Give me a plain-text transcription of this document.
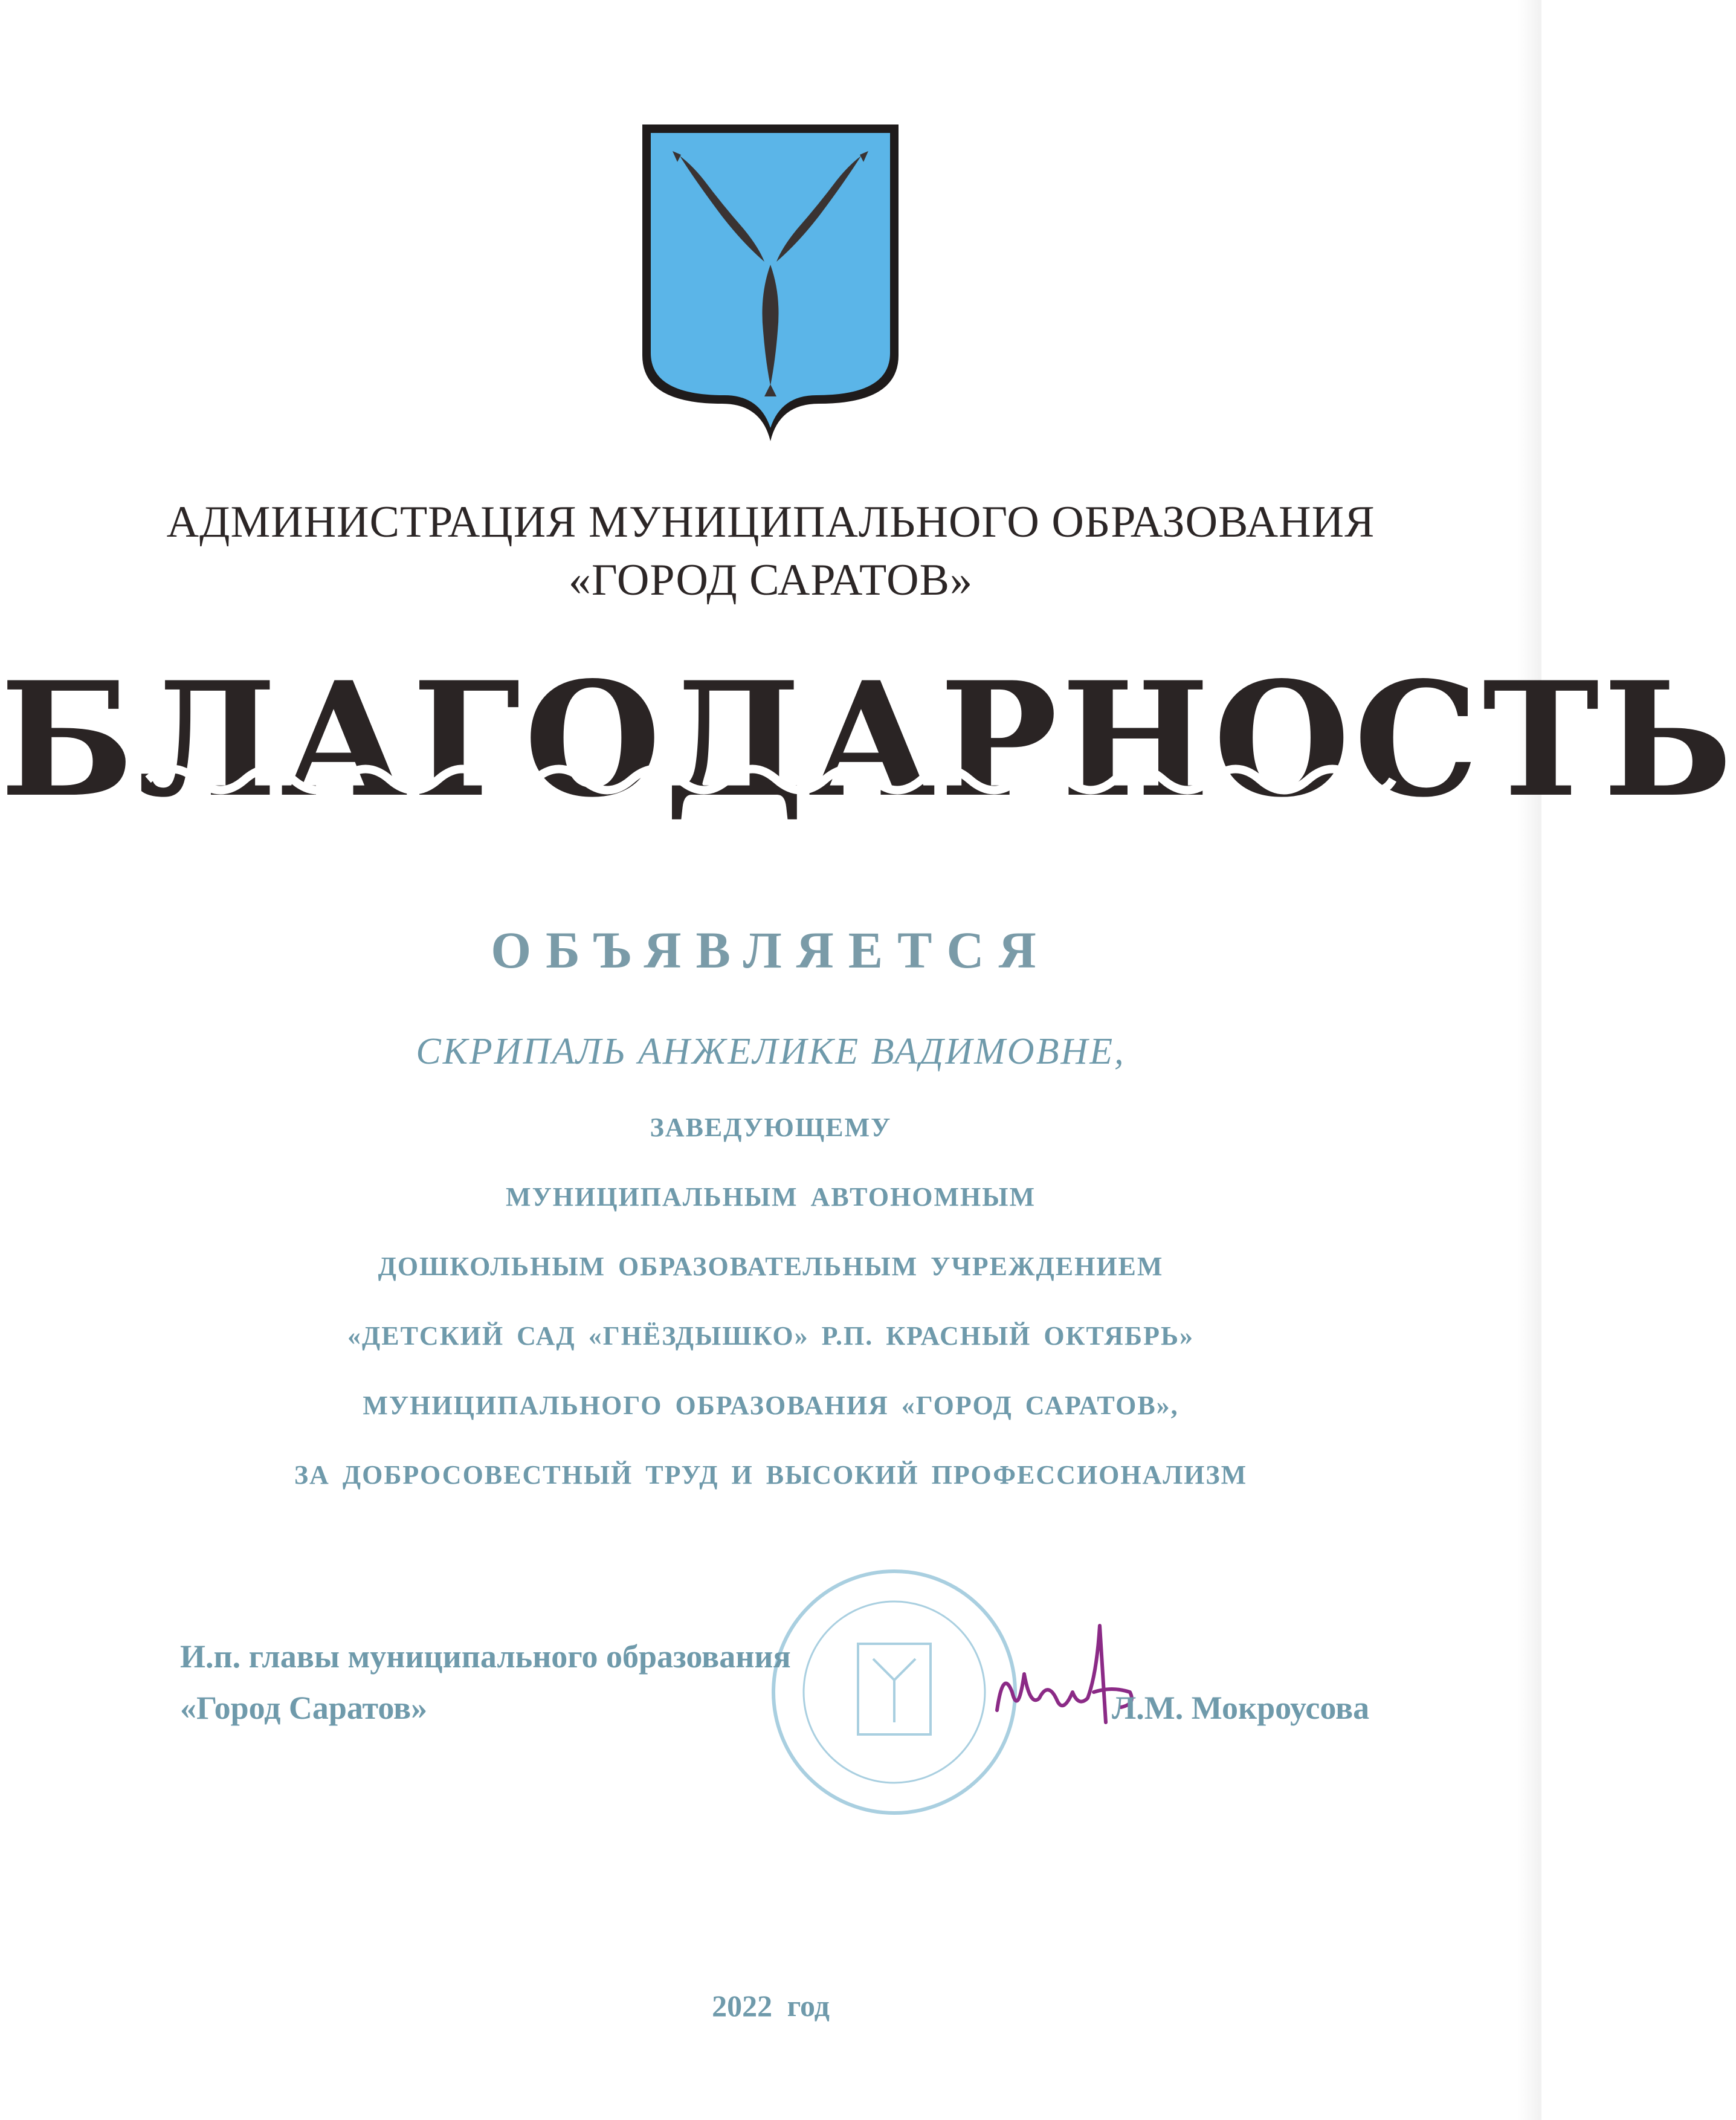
АДМИНИСТРАЦИЯ МУНИЦИПАЛЬНОГО ОБРАЗОВАНИЯ
«ГОРОД САРАТОВ»
БЛАГОДАРНОСТЬ
ОБЪЯВЛЯЕТСЯ
СКРИПАЛЬ АНЖЕЛИКЕ ВАДИМОВНЕ,
ЗАВЕДУЮЩЕМУ
МУНИЦИПАЛЬНЫМ АВТОНОМНЫМ
ДОШКОЛЬНЫМ ОБРАЗОВАТЕЛЬНЫМ УЧРЕЖДЕНИЕМ
«ДЕТСКИЙ САД «ГНЁЗДЫШКО» Р.П. КРАСНЫЙ ОКТЯБРЬ»
МУНИЦИПАЛЬНОГО ОБРАЗОВАНИЯ «ГОРОД САРАТОВ»,
ЗА ДОБРОСОВЕСТНЫЙ ТРУД И ВЫСОКИЙ ПРОФЕССИОНАЛИЗМ
И.п. главы муниципального образования
«Город Саратов»	Л.М. Мокроусова
2022 год
